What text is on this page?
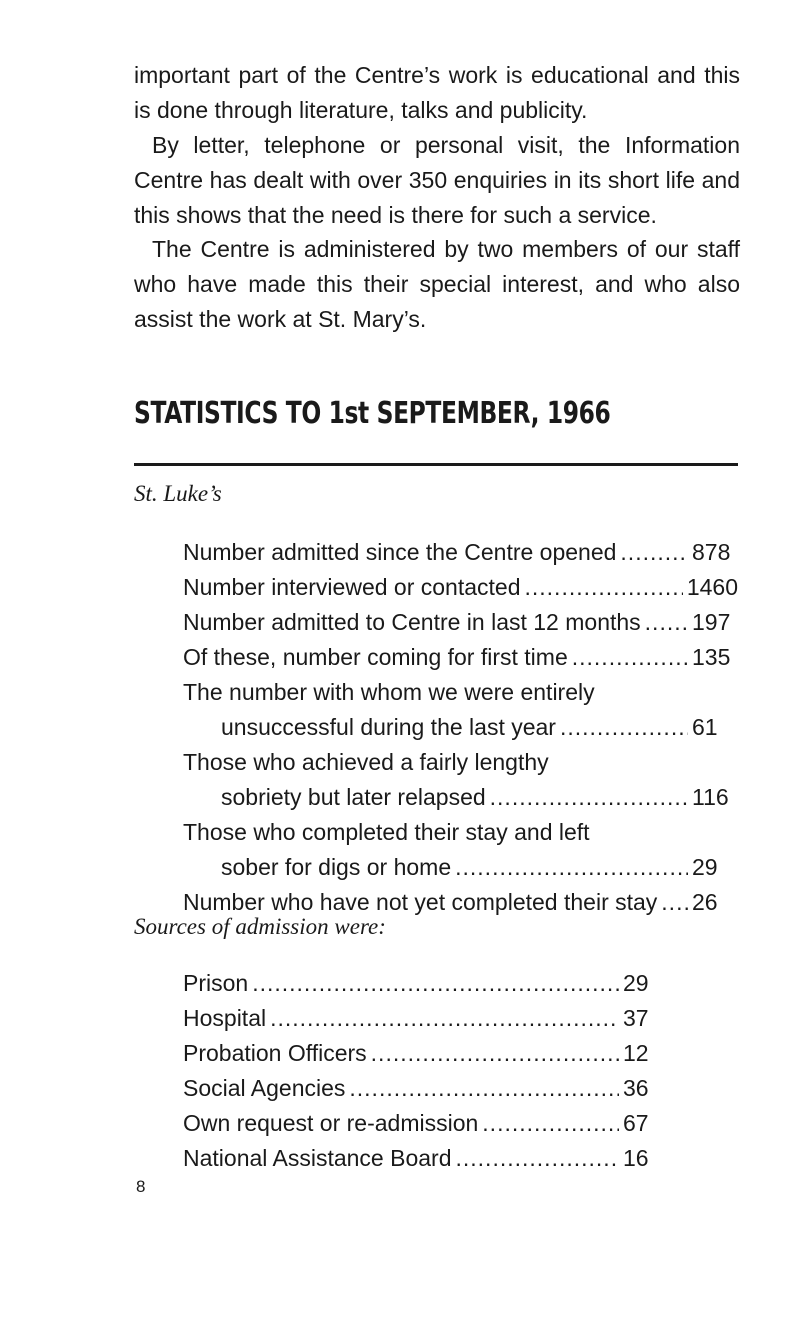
important part of the Centre’s work is educational and this is done through literature, talks and publicity.

By letter, telephone or personal visit, the Information Centre has dealt with over 350 enquiries in its short life and this shows that the need is there for such a service.

The Centre is administered by two members of our staff who have made this their special interest, and who also assist the work at St. Mary’s.

STATISTICS TO 1st SEPTEMBER, 1966

St. Luke’s

Number admitted since the Centre opened .....	878
Number interviewed or contacted .....	1460
Number admitted to Centre in last 12 months ..... 197
Of these, number coming for first time .....	135
The number with whom we were entirely
unsuccessful during the last year .....	61
Those who achieved a fairly lengthy
sobriety but later relapsed .....	116
Those who completed their stay and left
sober for digs or home .....	29
Number who have not yet completed their stay ..... 26

Sources of admission were:

Prison .....	29
Hospital .....	37
Probation Officers .....	12
Social Agencies .....	36
Own request or re-admission .....	67
National Assistance Board .....	16

8
